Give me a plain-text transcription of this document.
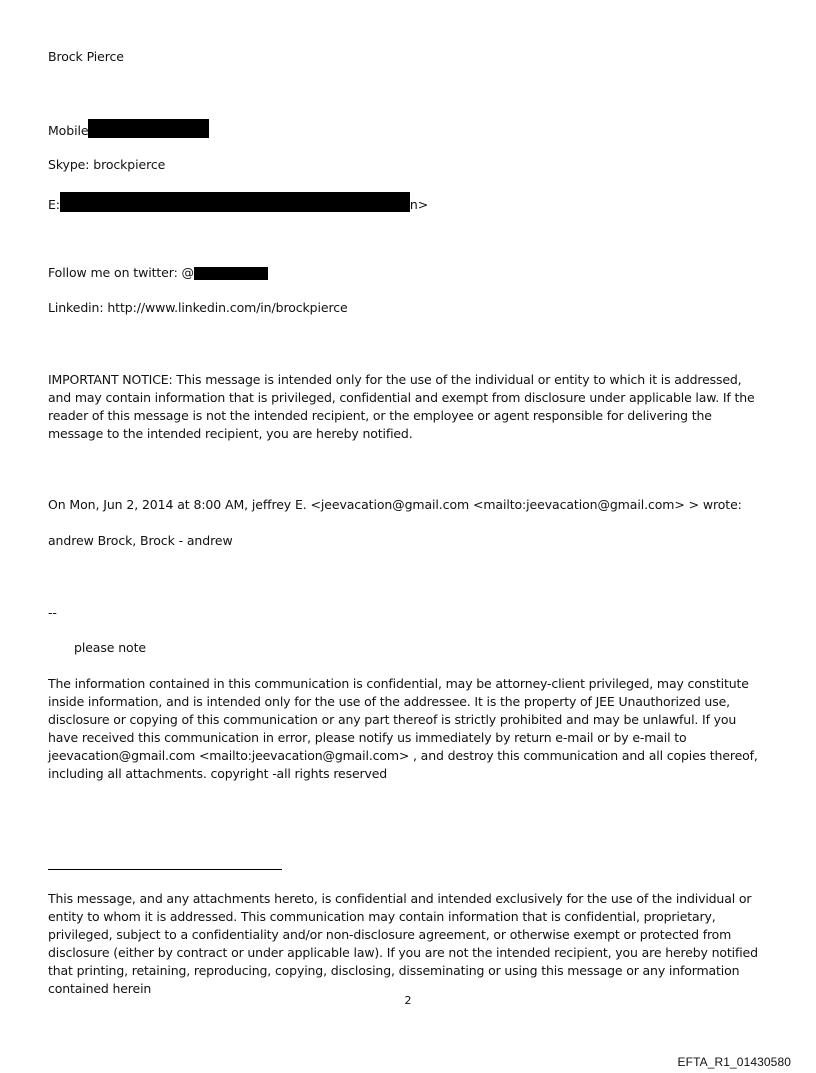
Brock Pierce
Mobile
Skype: brockpierce
E:	n>
Follow me on twitter: @
Linkedin: http://www.linkedin.com/in/brockpierce
IMPORTANT NOTICE: This message is intended only for the use of the individual or entity to which it is addressed, and may contain information that is privileged, confidential and exempt from disclosure under applicable law. If the reader of this message is not the intended recipient, or the employee or agent responsible for delivering the message to the intended recipient, you are hereby notified.
On Mon, Jun 2, 2014 at 8:00 AM, jeffrey E. <jeevacation@gmail.com <mailto:jeevacation@gmail.com> > wrote:
andrew Brock, Brock - andrew
--
please note
The information contained in this communication is confidential, may be attorney-client privileged, may constitute inside information, and is intended only for the use of the addressee. It is the property of JEE Unauthorized use, disclosure or copying of this communication or any part thereof is strictly prohibited and may be unlawful. If you have received this communication in error, please notify us immediately by return e-mail or by e-mail to jeevacation@gmail.com <mailto:jeevacation@gmail.com> , and destroy this communication and all copies thereof, including all attachments. copyright -all rights reserved
This message, and any attachments hereto, is confidential and intended exclusively for the use of the individual or entity to whom it is addressed. This communication may contain information that is confidential, proprietary, privileged, subject to a confidentiality and/or non-disclosure agreement, or otherwise exempt or protected from disclosure (either by contract or under applicable law). If you are not the intended recipient, you are hereby notified that printing, retaining, reproducing, copying, disclosing, disseminating or using this message or any information contained herein
2
EFTA_R1_01430580
